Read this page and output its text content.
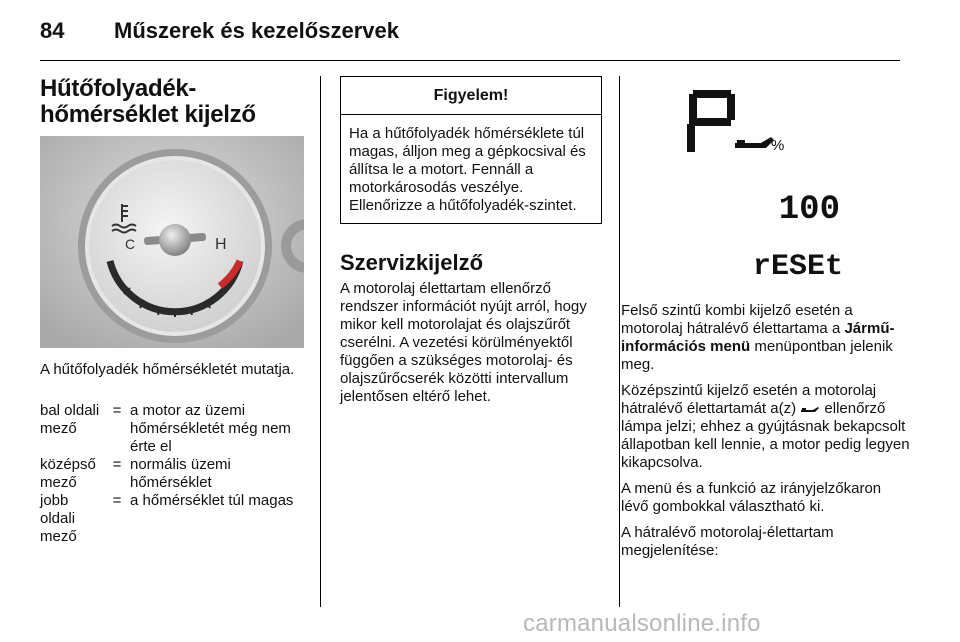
84 Műszerek és kezelőszervek
Hűtőfolyadék-hőmérséklet kijelző
C	H

A hűtőfolyadék hőmérsékletét mutatja.

bal oldali mező
= a motor az üzemi hőmérsékletét még nem érte el
középső mező
= normális üzemi hőmérséklet
jobb oldali mező
= a hőmérséklet túl magas
Figyelem!

Ha a hűtőfolyadék hőmérséklete túl magas, álljon meg a gépkocsival és állítsa le a motort. Fennáll a motorkárosodás veszélye. Ellenőrizze a hűtőfolyadék-szintet.

Szervizkijelző

A motorolaj élettartam ellenőrző rendszer információt nyújt arról, hogy mikor kell motorolajat és olajszűrőt cserélni. A vezetési körülményektől függően a szükséges motorolaj- és olajszűrőcserék közötti intervallum jelentősen eltérő lehet.

%
100
rESEt

Felső szintű kombi kijelző esetén a motorolaj hátralévő élettartama a Jármű- információs menü menüpontban jelenik meg.

Középszintű kijelző esetén a motorolaj hátralévő élettartamát a(z)  ellenőrző lámpa jelzi; ehhez a gyújtásnak bekapcsolt állapotban kell lennie, a motor pedig legyen kikapcsolva.

A menü és a funkció az irányjelzőkaron lévő gombokkal választható ki.

A hátralévő motorolaj-élettartam megjelenítése:

carmanualsonline.info
